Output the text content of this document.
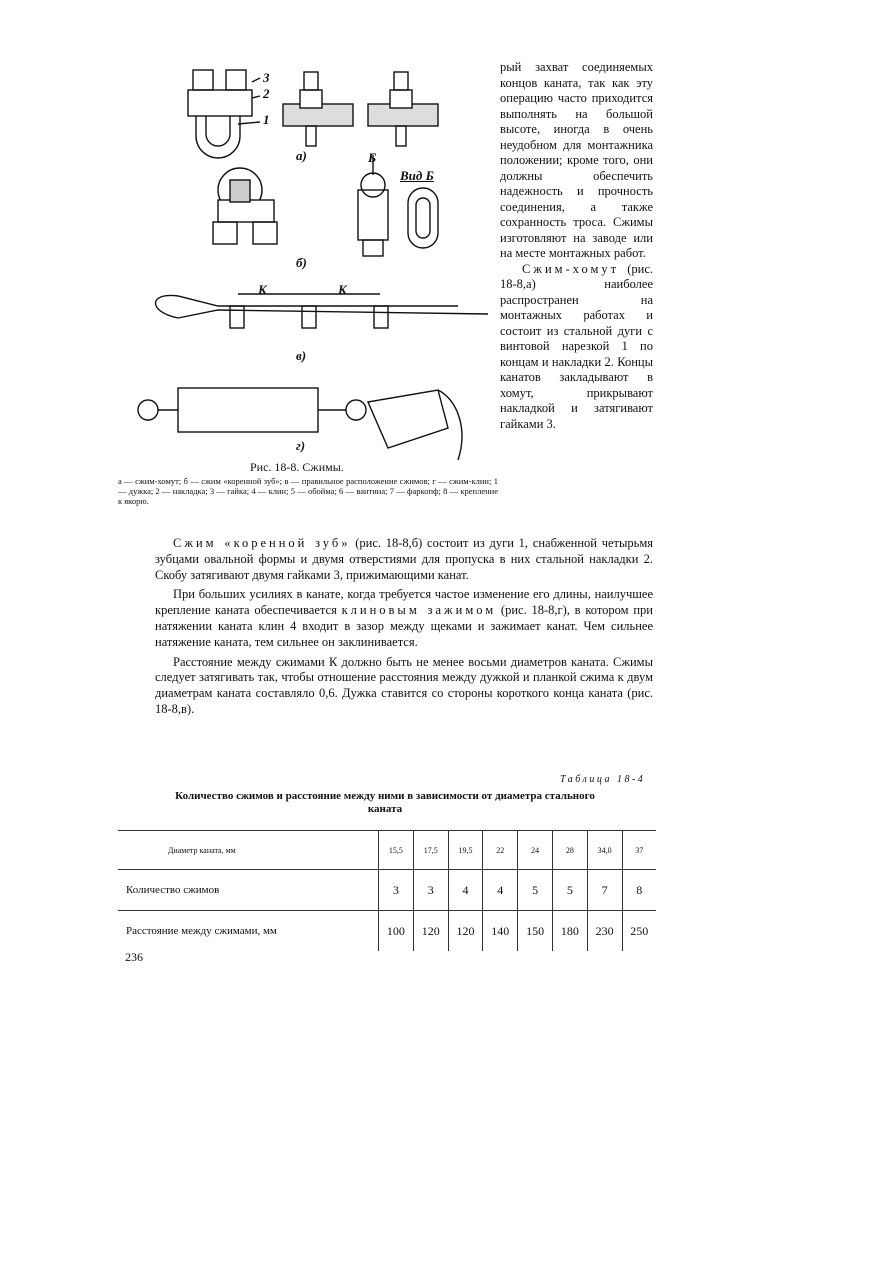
а)
б)
в)
г)
Вид Б
Б
К	К
3
2
1
Рис. 18-8. Сжимы.
а — сжим-хомут; б — сжим «коренной зуб»; в — правильное расположение сжимов; г — сжим-клин; 1 — дужка; 2 — накладка; 3 — гайка; 4 — клин; 5 — обойма; 6 — вантина; 7 — фаркопф; 8 — крепление к якорю.

рый захват соединяемых концов каната, так как эту операцию часто приходится выполнять на большой высоте, иногда в очень неудобном для монтажника положении; кроме того, они должны обеспечить надежность и прочность соединения, а также сохранность троса. Сжимы изготовляют на заводе или на месте монтажных работ.

Сжим-хомут (рис. 18-8,а) наиболее распространен на монтажных работах и состоит из стальной дуги с винтовой нарезкой 1 по концам и накладки 2. Концы канатов закладывают в хомут, прикрывают накладкой и затягивают гайками 3.

Сжим «коренной зуб» (рис. 18-8,б) состоит из дуги 1, снабженной четырьмя зубцами овальной формы и двумя отверстиями для пропуска в них стальной накладки 2. Скобу затягивают двумя гайками 3, прижимающими канат.

При больших усилиях в канате, когда требуется частое изменение его длины, наилучшее крепление каната обеспечивается клиновым зажимом (рис. 18-8,г), в котором при натяжении каната клин 4 входит в зазор между щеками и зажимает канат. Чем сильнее натяжение каната, тем сильнее он заклинивается.

Расстояние между сжимами К должно быть не менее восьми диаметров каната. Сжимы следует затягивать так, чтобы отношение расстояния между дужкой и планкой сжима к двум диаметрам каната составляло 0,6. Дужка ставится со стороны короткого конца каната (рис. 18-8,в).

Таблица 18-4
Количество сжимов и расстояние между ними в зависимости от диаметра стального каната
Диаметр каната, мм	15,5	17,5	19,5	22	24	28	34,0	37
Количество сжимов	3	3	4	4	5	5	7	8
Расстояние между сжимами, мм	100	120	120	140	150	180	230	250
236
